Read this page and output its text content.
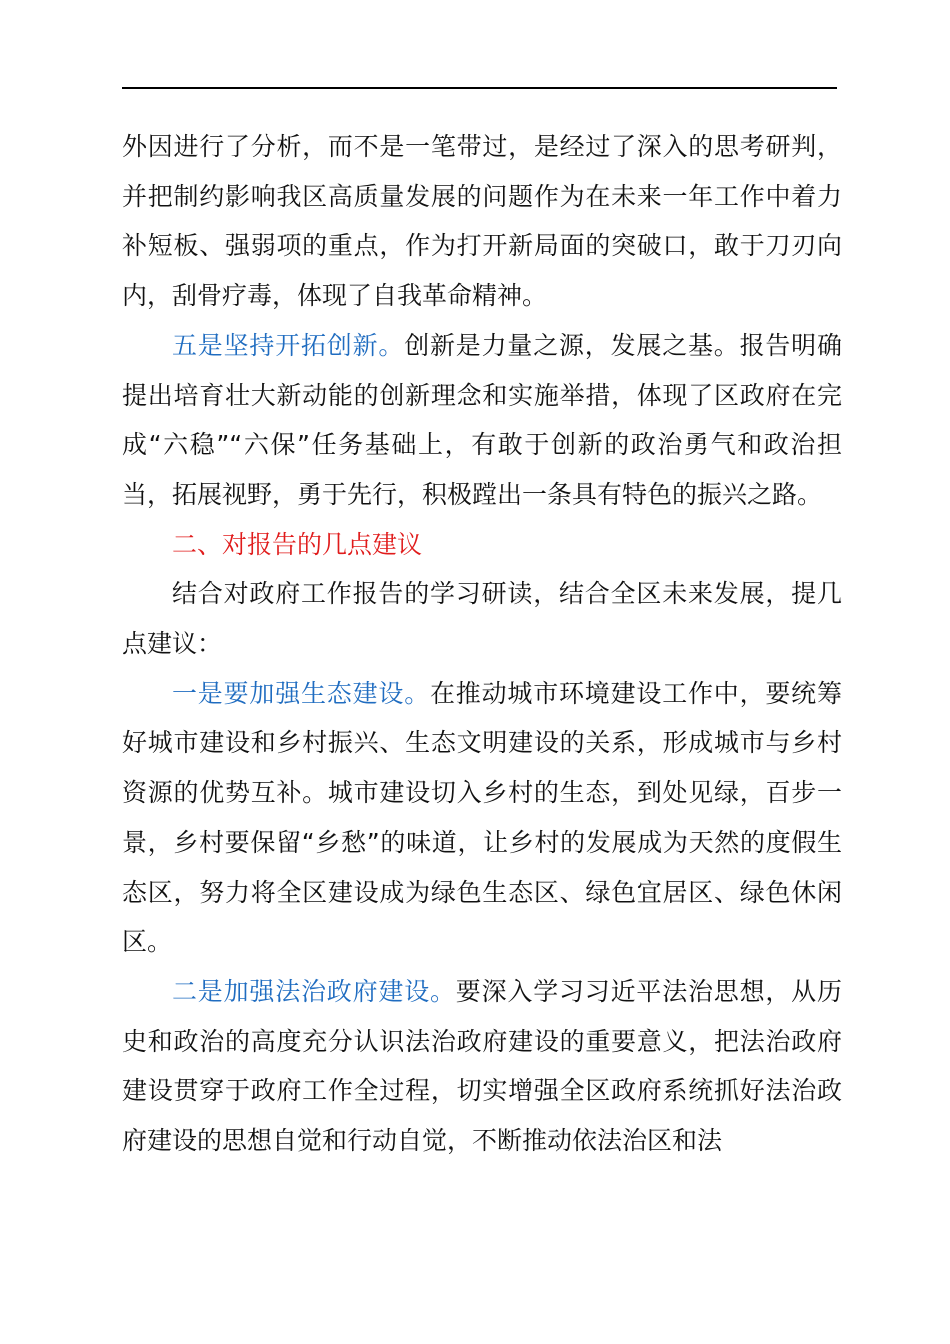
外因进行了分析，而不是一笔带过，是经过了深入的思考研判，并把制约影响我区高质量发展的问题作为在未来一年工作中着力补短板、强弱项的重点，作为打开新局面的突破口，敢于刀刃向内，刮骨疗毒，体现了自我革命精神。

五是坚持开拓创新。创新是力量之源，发展之基。报告明确提出培育壮大新动能的创新理念和实施举措，体现了区政府在完成“六稳”“六保”任务基础上，有敢于创新的政治勇气和政治担当，拓展视野，勇于先行，积极蹚出一条具有特色的振兴之路。

二、对报告的几点建议

结合对政府工作报告的学习研读，结合全区未来发展，提几点建议：

一是要加强生态建设。在推动城市环境建设工作中，要统筹好城市建设和乡村振兴、生态文明建设的关系，形成城市与乡村资源的优势互补。城市建设切入乡村的生态，到处见绿，百步一景，乡村要保留“乡愁”的味道，让乡村的发展成为天然的度假生态区，努力将全区建设成为绿色生态区、绿色宜居区、绿色休闲区。

二是加强法治政府建设。要深入学习习近平法治思想，从历史和政治的高度充分认识法治政府建设的重要意义，把法治政府建设贯穿于政府工作全过程，切实增强全区政府系统抓好法治政府建设的思想自觉和行动自觉，不断推动依法治区和法
